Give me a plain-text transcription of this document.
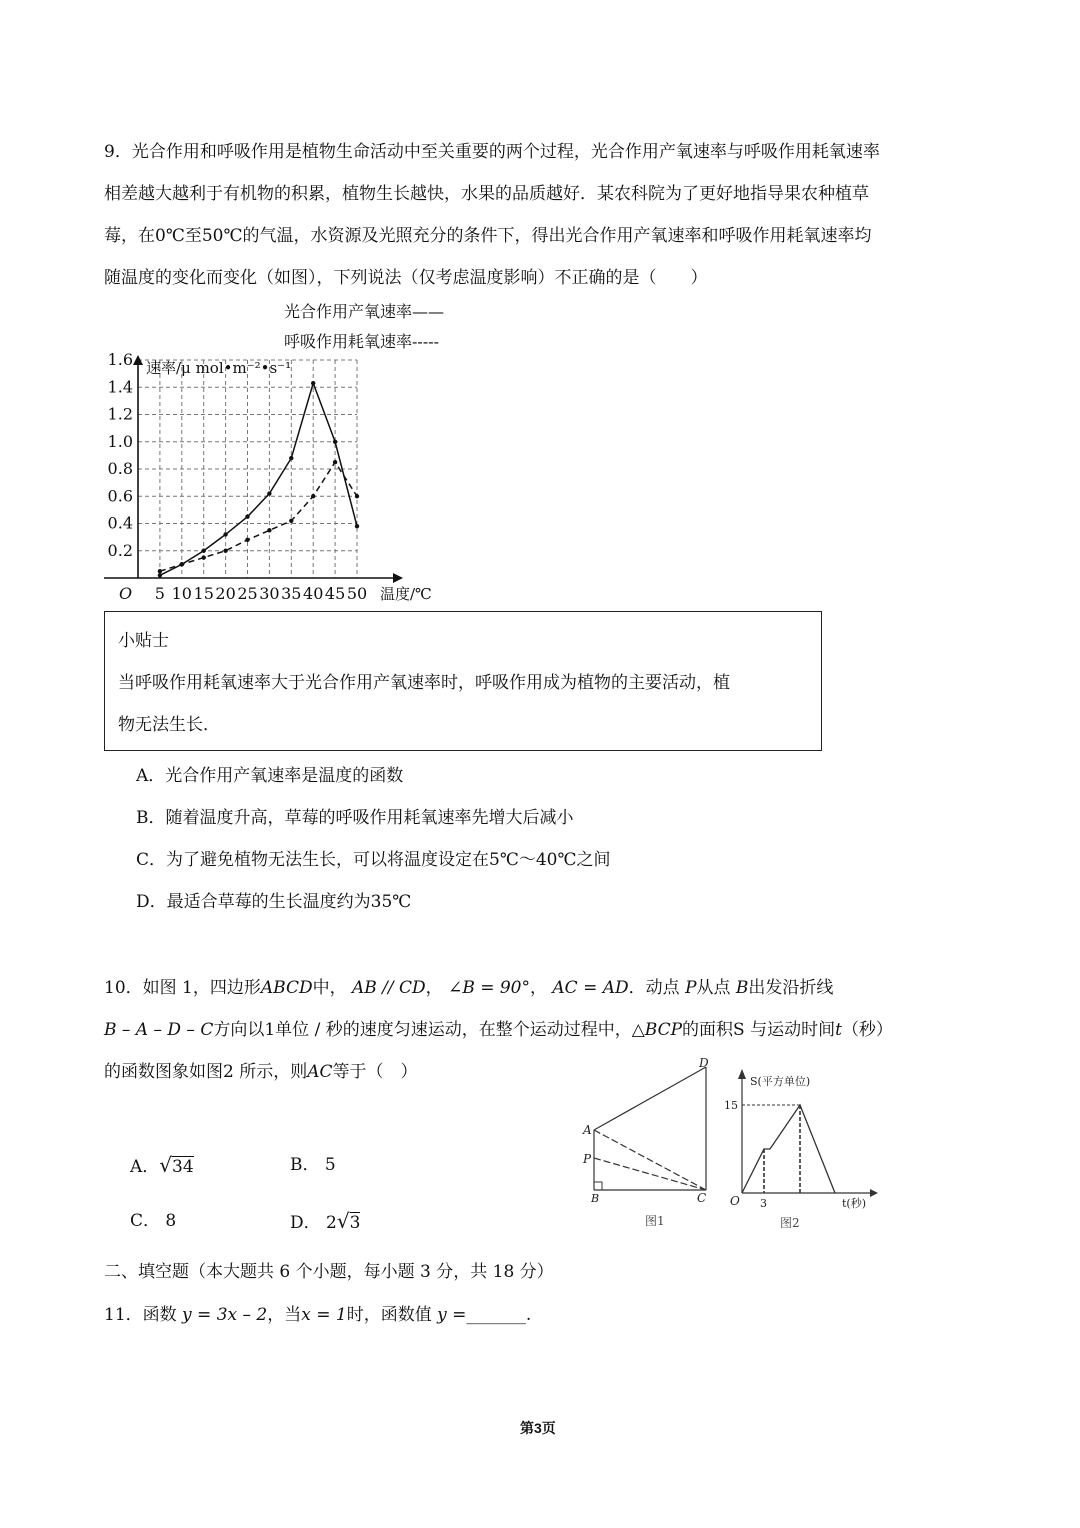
9．光合作用和呼吸作用是植物生命活动中至关重要的两个过程，光合作用产氧速率与呼吸作用耗氧速率
相差越大越利于有机物的积累，植物生长越快，水果的品质越好．某农科院为了更好地指导果农种植草
莓，在0℃至50℃的气温，水资源及光照充分的条件下，得出光合作用产氧速率和呼吸作用耗氧速率均
随温度的变化而变化（如图），下列说法（仅考虑温度影响）不正确的是（　　）
光合作用产氧速率——
呼吸作用耗氧速率-----
5 10 15 20 25 30 35 40 45 50
0.2
0.4
0.6
0.8
1.0
1.2
1.4
1.6 速率/μ mol•m⁻²•s⁻¹
温度/℃
O
小贴士
当呼吸作用耗氧速率大于光合作用产氧速率时，呼吸作用成为植物的主要活动，植
物无法生长．
A．光合作用产氧速率是温度的函数
B．随着温度升高，草莓的呼吸作用耗氧速率先增大后减小
C．为了避免植物无法生长，可以将温度设定在5℃～40℃之间
D．最适合草莓的生长温度约为35℃
10．如图 1，四边形ABCD中， AB // CD， ∠B = 90°， AC = AD．动点 P从点 B出发沿折线
B – A – D – C方向以1单位 / 秒的速度匀速运动，在整个运动过程中，△BCP的面积S 与运动时间t（秒）
的函数图象如图2 所示，则AC等于（　）
A．√34	B． 5
C． 8	D． 2√3
A
D
P
B	C
图1
S(平方单位)
t(秒)
O 3
15
图2
二、填空题（本大题共 6 个小题，每小题 3 分，共 18 分）
11．函数 y = 3x – 2，当x = 1时，函数值 y =_______.
第3页
